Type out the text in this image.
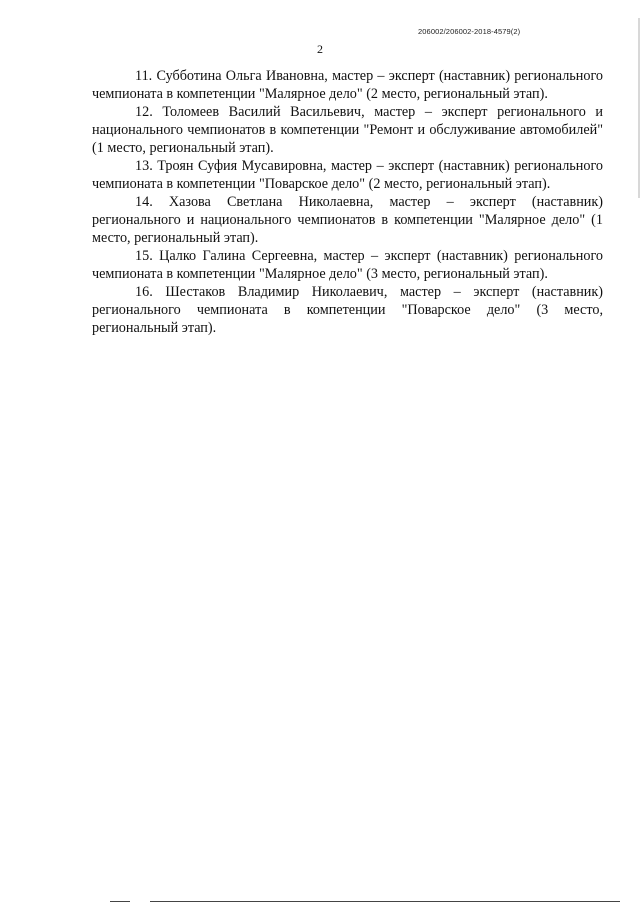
206002/206002-2018-4579(2)
2

11. Субботина Ольга Ивановна, мастер – эксперт (наставник) регионального чемпионата в компетенции "Малярное дело" (2 место, региональный этап).

12. Толомеев Василий Васильевич, мастер – эксперт регионального и национального чемпионатов в компетенции "Ремонт и обслуживание автомобилей" (1 место, региональный этап).

13. Троян Суфия Мусавировна, мастер – эксперт (наставник) регионального чемпионата в компетенции "Поварское дело" (2 место, региональный этап).

14. Хазова Светлана Николаевна, мастер – эксперт (наставник) регионального и национального чемпионатов в компетенции "Малярное дело" (1 место, региональный этап).

15. Цалко Галина Сергеевна, мастер – эксперт (наставник) регионального чемпионата в компетенции "Малярное дело" (3 место, региональный этап).

16. Шестаков Владимир Николаевич, мастер – эксперт (наставник) регионального чемпионата в компетенции "Поварское дело" (3 место, региональный этап).
